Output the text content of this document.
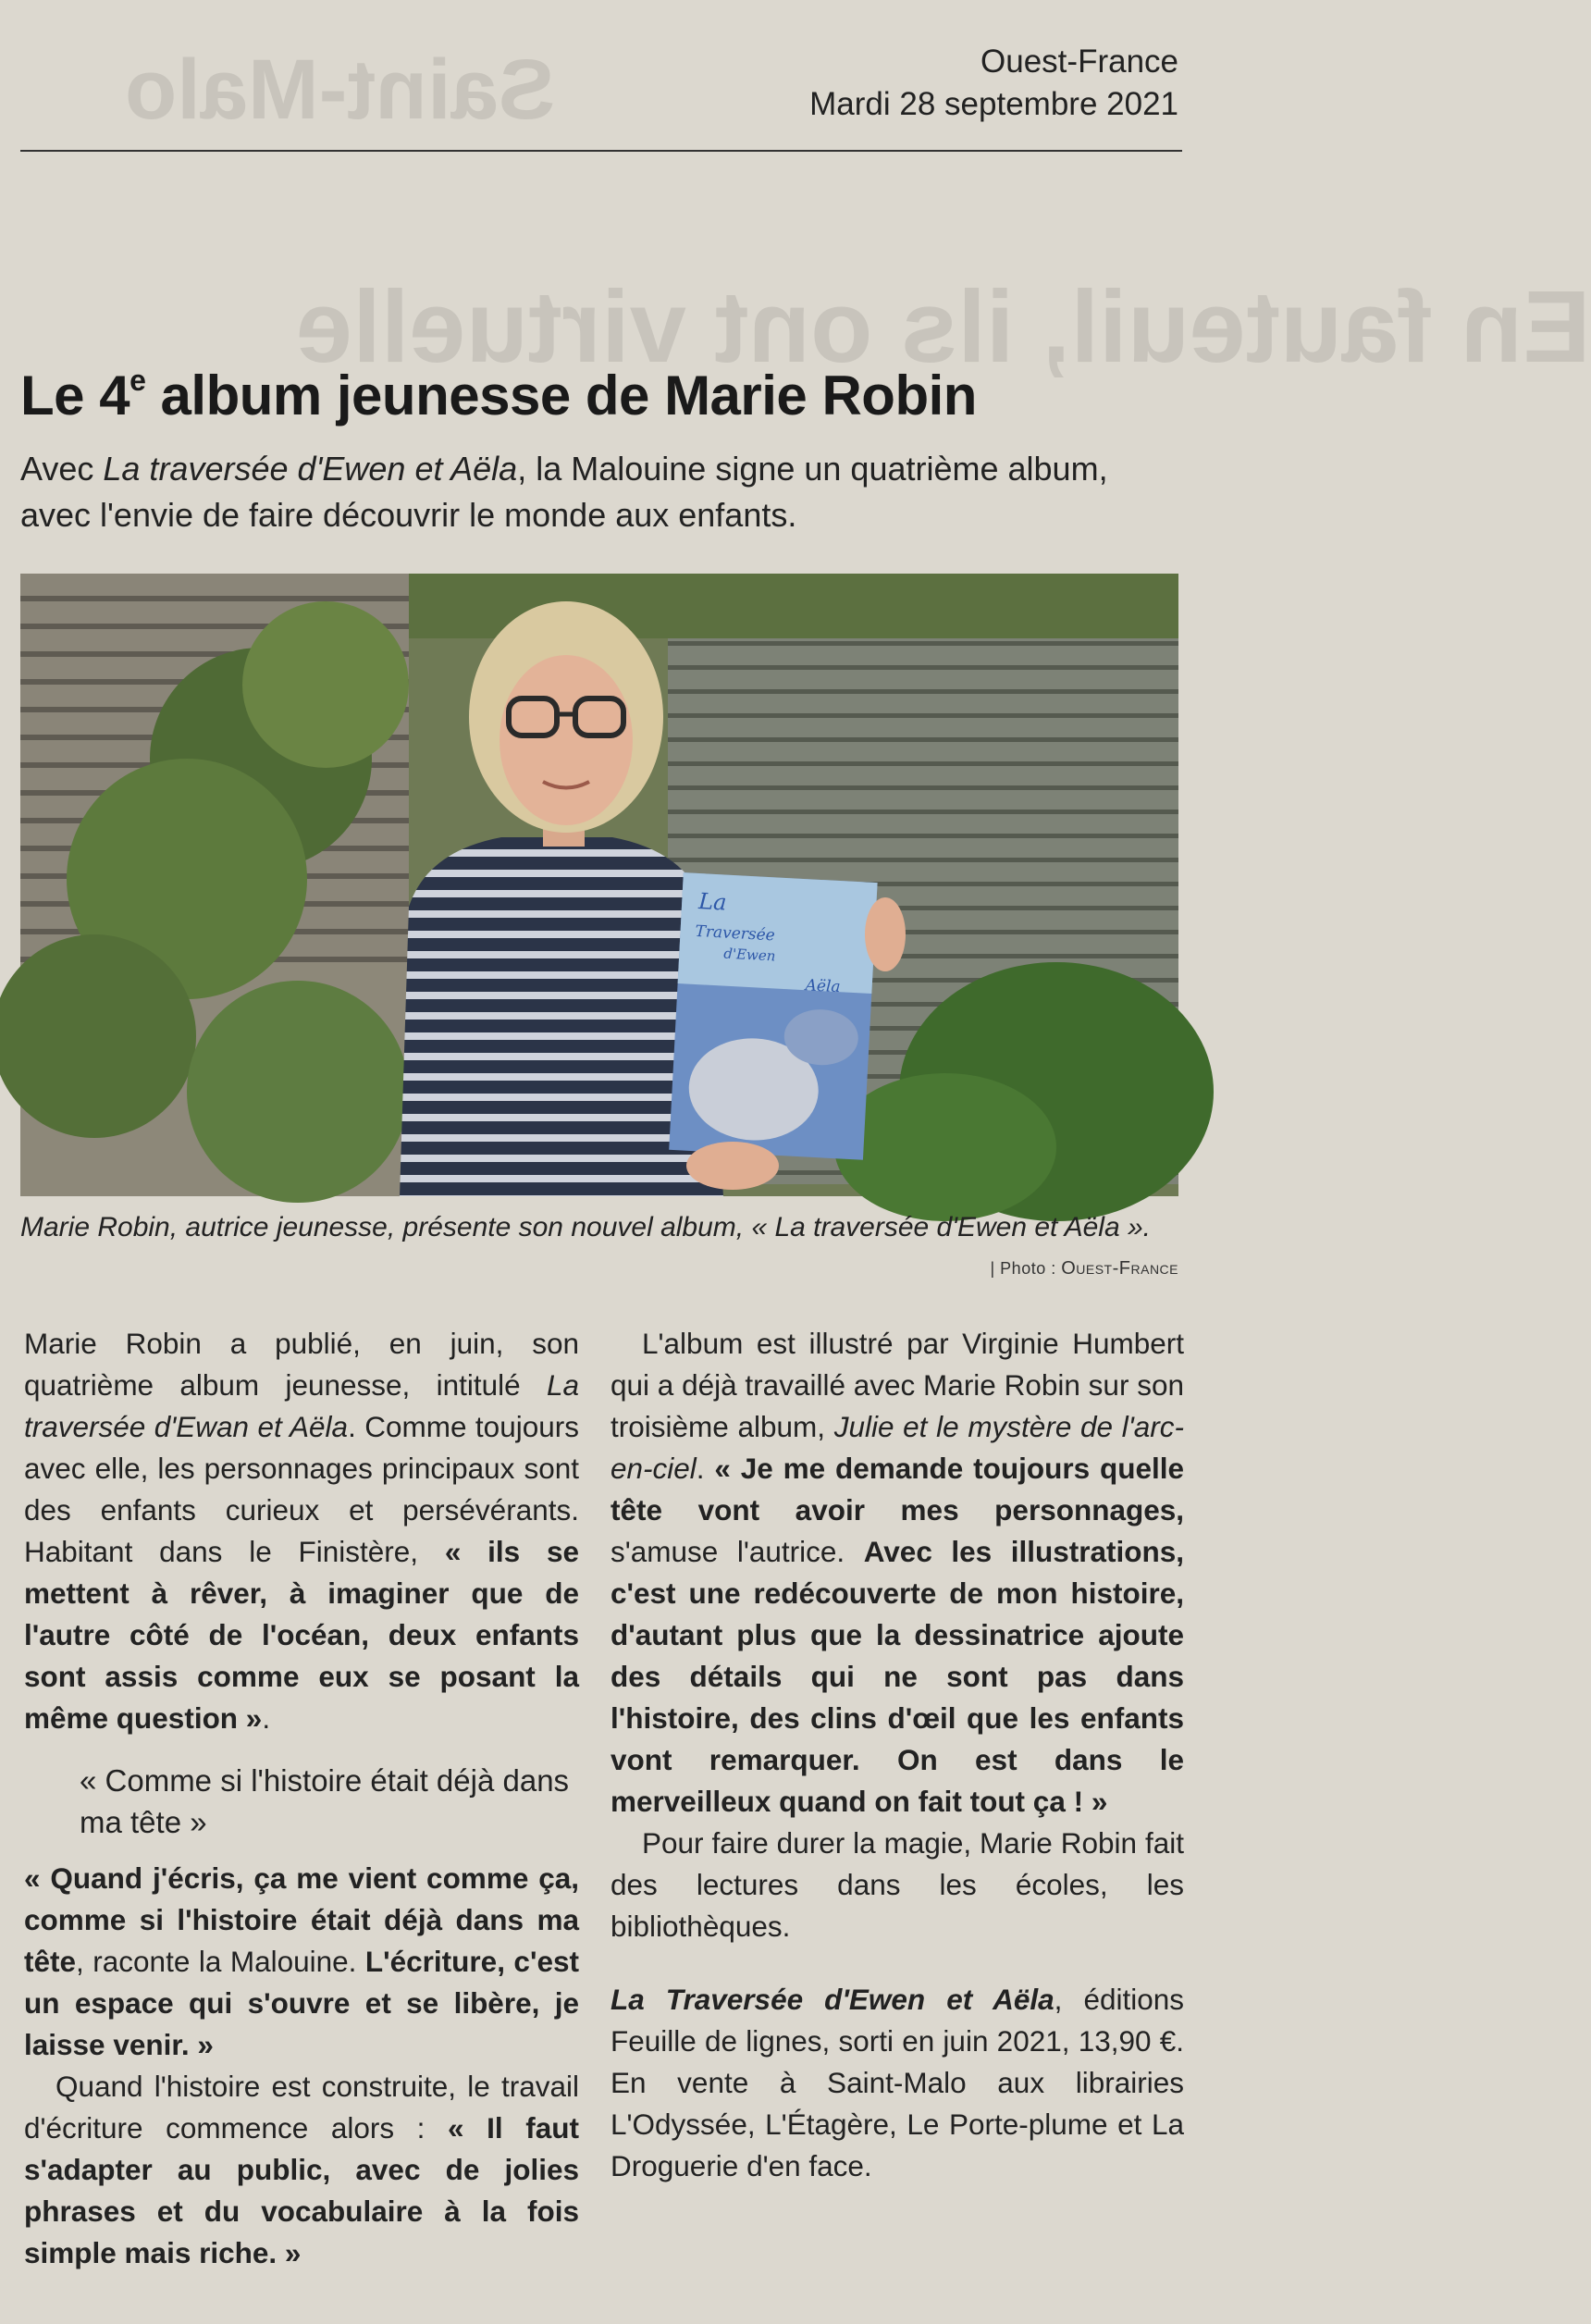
Saint-Malo
En fauteuil, ils ont virtuelle
Ouest-France
Mardi 28 septembre 2021
Le 4e album jeunesse de Marie Robin
Avec La traversée d'Ewen et Aëla, la Malouine signe un quatrième album, avec l'envie de faire découvrir le monde aux enfants.
La
Traversée
d'Ewen
Aëla
Marie Robin, autrice jeunesse, présente son nouvel album, « La traversée d'Ewen et Aëla ».
| Photo : Ouest-France

Marie Robin a publié, en juin, son quatrième album jeunesse, intitulé La traversée d'Ewan et Aëla. Comme toujours avec elle, les personnages principaux sont des enfants curieux et persévérants. Habitant dans le Finistère, « ils se mettent à rêver, à imaginer que de l'autre côté de l'océan, deux enfants sont assis comme eux se posant la même question ».

« Comme si l'histoire était déjà dans ma tête »

« Quand j'écris, ça me vient comme ça, comme si l'histoire était déjà dans ma tête, raconte la Malouine. L'écriture, c'est un espace qui s'ouvre et se libère, je laisse venir. »

Quand l'histoire est construite, le travail d'écriture commence alors : « Il faut s'adapter au public, avec de jolies phrases et du vocabulaire à la fois simple mais riche. »

L'album est illustré par Virginie Humbert qui a déjà travaillé avec Marie Robin sur son troisième album, Julie et le mystère de l'arc-en-ciel. « Je me demande toujours quelle tête vont avoir mes personnages, s'amuse l'autrice. Avec les illustrations, c'est une redécouverte de mon histoire, d'autant plus que la dessinatrice ajoute des détails qui ne sont pas dans l'histoire, des clins d'œil que les enfants vont remarquer. On est dans le merveilleux quand on fait tout ça ! »

Pour faire durer la magie, Marie Robin fait des lectures dans les écoles, les bibliothèques.

La Traversée d'Ewen et Aëla, éditions Feuille de lignes, sorti en juin 2021, 13,90 €. En vente à Saint-Malo aux librairies L'Odyssée, L'Étagère, Le Porte-plume et La Droguerie d'en face.
